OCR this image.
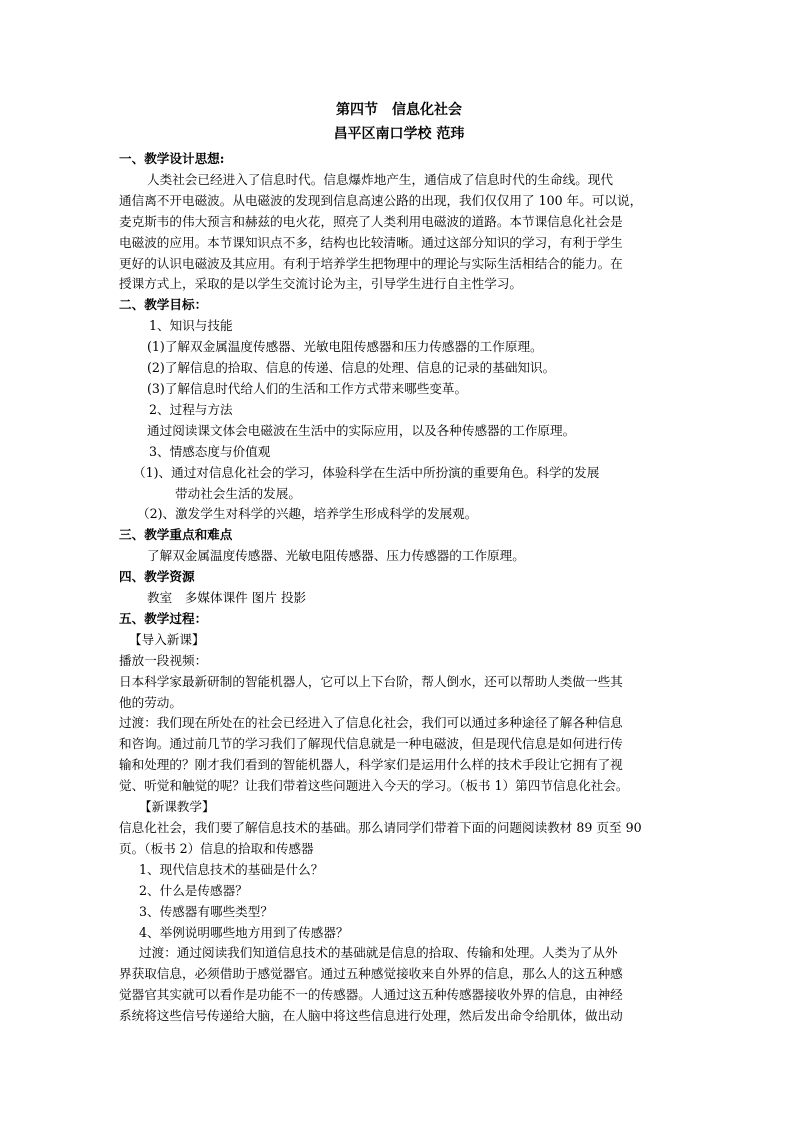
第四节　信息化社会
昌平区南口学校 范玮
一、教学设计思想:
人类社会已经进入了信息时代。信息爆炸地产生，通信成了信息时代的生命线。现代
通信离不开电磁波。从电磁波的发现到信息高速公路的出现，我们仅仅用了 100 年。可以说，
麦克斯韦的伟大预言和赫兹的电火花，照亮了人类利用电磁波的道路。本节课信息化社会是
电磁波的应用。本节课知识点不多，结构也比较清晰。通过这部分知识的学习，有利于学生
更好的认识电磁波及其应用。有利于培养学生把物理中的理论与实际生活相结合的能力。在
授课方式上，采取的是以学生交流讨论为主，引导学生进行自主性学习。
二、教学目标：
1、知识与技能
(1)了解双金属温度传感器、光敏电阻传感器和压力传感器的工作原理。
(2)了解信息的拾取、信息的传递、信息的处理、信息的记录的基础知识。
(3)了解信息时代给人们的生活和工作方式带来哪些变革。
2、过程与方法
通过阅读课文体会电磁波在生活中的实际应用，以及各种传感器的工作原理。
3、情感态度与价值观
（1)、通过对信息化社会的学习，体验科学在生活中所扮演的重要角色。科学的发展
带动社会生活的发展。
（2)、激发学生对科学的兴趣，培养学生形成科学的发展观。
三、教学重点和难点
了解双金属温度传感器、光敏电阻传感器、压力传感器的工作原理。
四、教学资源
教室　多媒体课件 图片 投影
五、教学过程：
【导入新课】
播放一段视频：
日本科学家最新研制的智能机器人，它可以上下台阶，帮人倒水，还可以帮助人类做一些其
他的劳动。
过渡：我们现在所处在的社会已经进入了信息化社会，我们可以通过多种途径了解各种信息
和咨询。通过前几节的学习我们了解现代信息就是一种电磁波，但是现代信息是如何进行传
输和处理的？刚才我们看到的智能机器人，科学家们是运用什么样的技术手段让它拥有了视
觉、听觉和触觉的呢？让我们带着这些问题进入今天的学习。（板书 1）第四节信息化社会。
【新课教学】
信息化社会，我们要了解信息技术的基础。那么请同学们带着下面的问题阅读教材 89 页至 90
页。（板书 2）信息的拾取和传感器
1、现代信息技术的基础是什么？
2、什么是传感器？
3、传感器有哪些类型？
4、举例说明哪些地方用到了传感器？
过渡：通过阅读我们知道信息技术的基础就是信息的拾取、传输和处理。人类为了从外
界获取信息，必须借助于感觉器官。通过五种感觉接收来自外界的信息，那么人的这五种感
觉器官其实就可以看作是功能不一的传感器。人通过这五种传感器接收外界的信息，由神经
系统将这些信号传递给大脑，在人脑中将这些信息进行处理，然后发出命令给肌体，做出动
